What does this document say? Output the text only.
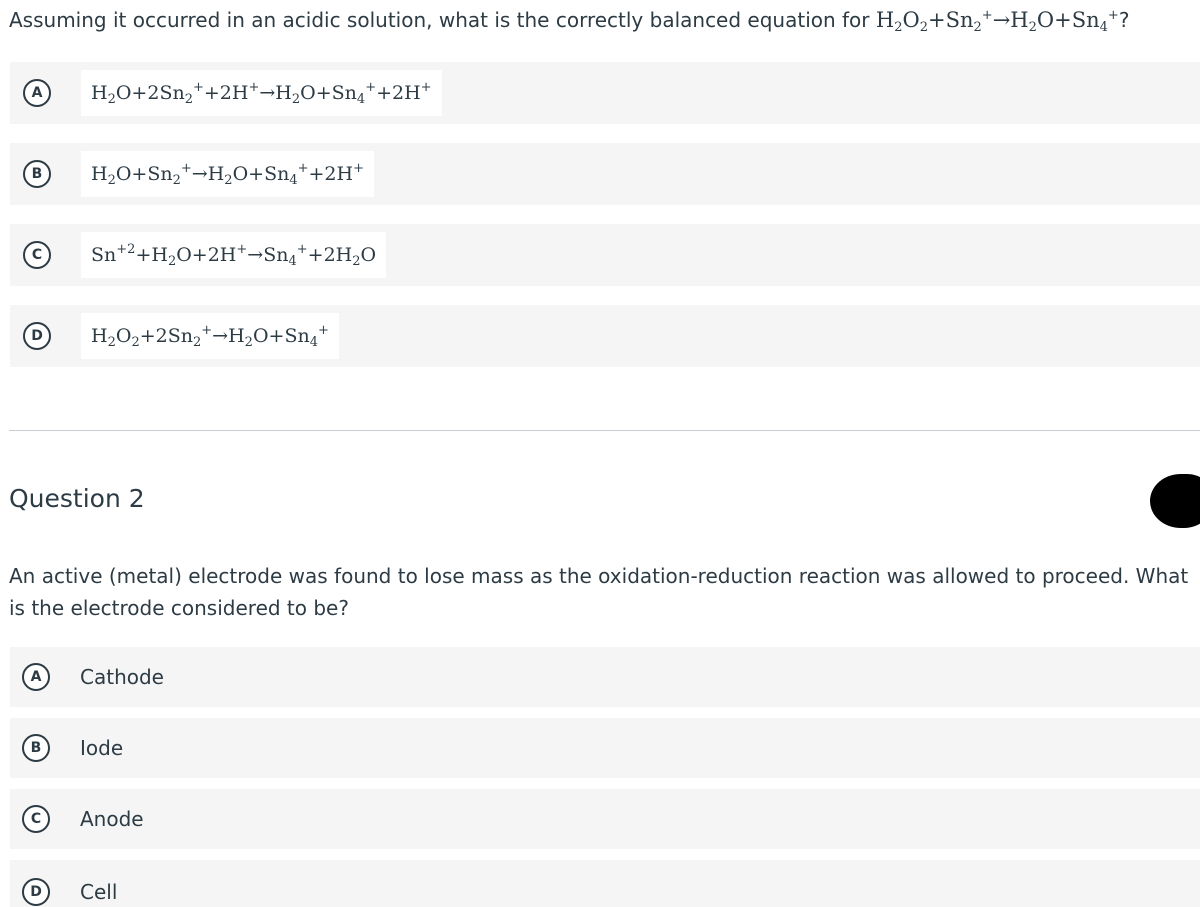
Assuming it occurred in an acidic solution, what is the correctly balanced equation for $H_2O_2+Sn_2^+\to H_2O+Sn_4^+$?
A	$H_2O+2Sn_2^++2H^+\to H_2O+Sn_4^++2H^+$
B	$H_2O+Sn_2^+\to H_2O+Sn_4^++2H^+$
C	$Sn^{+2}+H_2O+2H^+\to Sn_4^++2H_2O$
D	$H_2O_2+2Sn_2^+\to H_2O+Sn_4^+$
Question 2
An active (metal) electrode was found to lose mass as the oxidation-reduction reaction was allowed to proceed. What is the electrode considered to be?
A	Cathode
B	Iode
C	Anode
D	Cell
